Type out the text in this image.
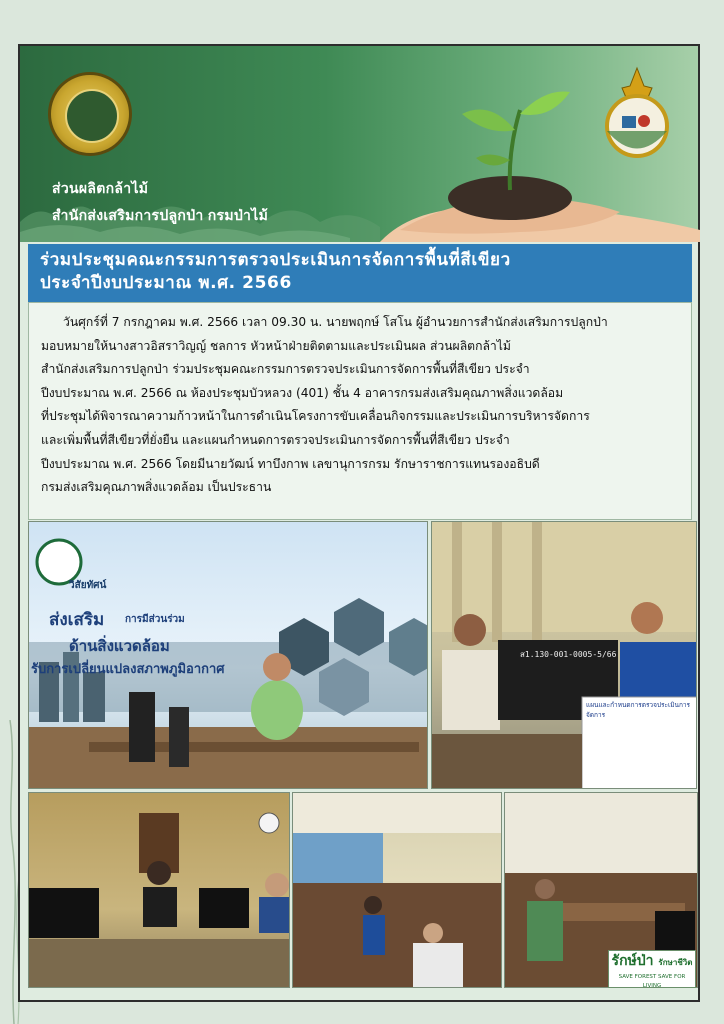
ส่วนผลิตกล้าไม้
สำนักส่งเสริมการปลูกป่า กรมป่าไม้
ร่วมประชุมคณะกรรมการตรวจประเมินการจัดการพื้นที่สีเขียว
ประจำปีงบประมาณ พ.ศ. 2566

วันศุกร์ที่ 7 กรกฎาคม พ.ศ. 2566 เวลา 09.30 น. นายพฤกษ์ โสโน ผู้อำนวยการสำนักส่งเสริมการปลูกป่า

มอบหมายให้นางสาวอิสราวิญญ์ ชลการ หัวหน้าฝ่ายติดตามและประเมินผล ส่วนผลิตกล้าไม้

สำนักส่งเสริมการปลูกป่า ร่วมประชุมคณะกรรมการตรวจประเมินการจัดการพื้นที่สีเขียว ประจำ

ปีงบประมาณ พ.ศ. 2566 ณ ห้องประชุมบัวหลวง (401) ชั้น 4 อาคารกรมส่งเสริมคุณภาพสิ่งแวดล้อม

ที่ประชุมได้พิจารณาความก้าวหน้าในการดำเนินโครงการขับเคลื่อนกิจกรรมและประเมินการบริหารจัดการ

และเพิ่มพื้นที่สีเขียวที่ยั่งยืน และแผนกำหนดการตรวจประเมินการจัดการพื้นที่สีเขียว ประจำ

ปีงบประมาณ พ.ศ. 2566 โดยมีนายวัฒน์ ทาบึงกาพ เลขานุการกรม รักษาราชการแทนรองอธิบดี

กรมส่งเสริมคุณภาพสิ่งแวดล้อม เป็นประธาน

วิสัยทัศน์
ส่งเสริม การมีส่วนร่วม
ด้านสิ่งแวดล้อม
รับการเปลี่ยนแปลงสภาพภูมิอากาศ
ส1.130-001-0005-5/66
แผนและกำหนดการตรวจประเมินการจัดการ
รักษ์ป่า รักษาชีวิต
SAVE FOREST SAVE FOR LIVING
